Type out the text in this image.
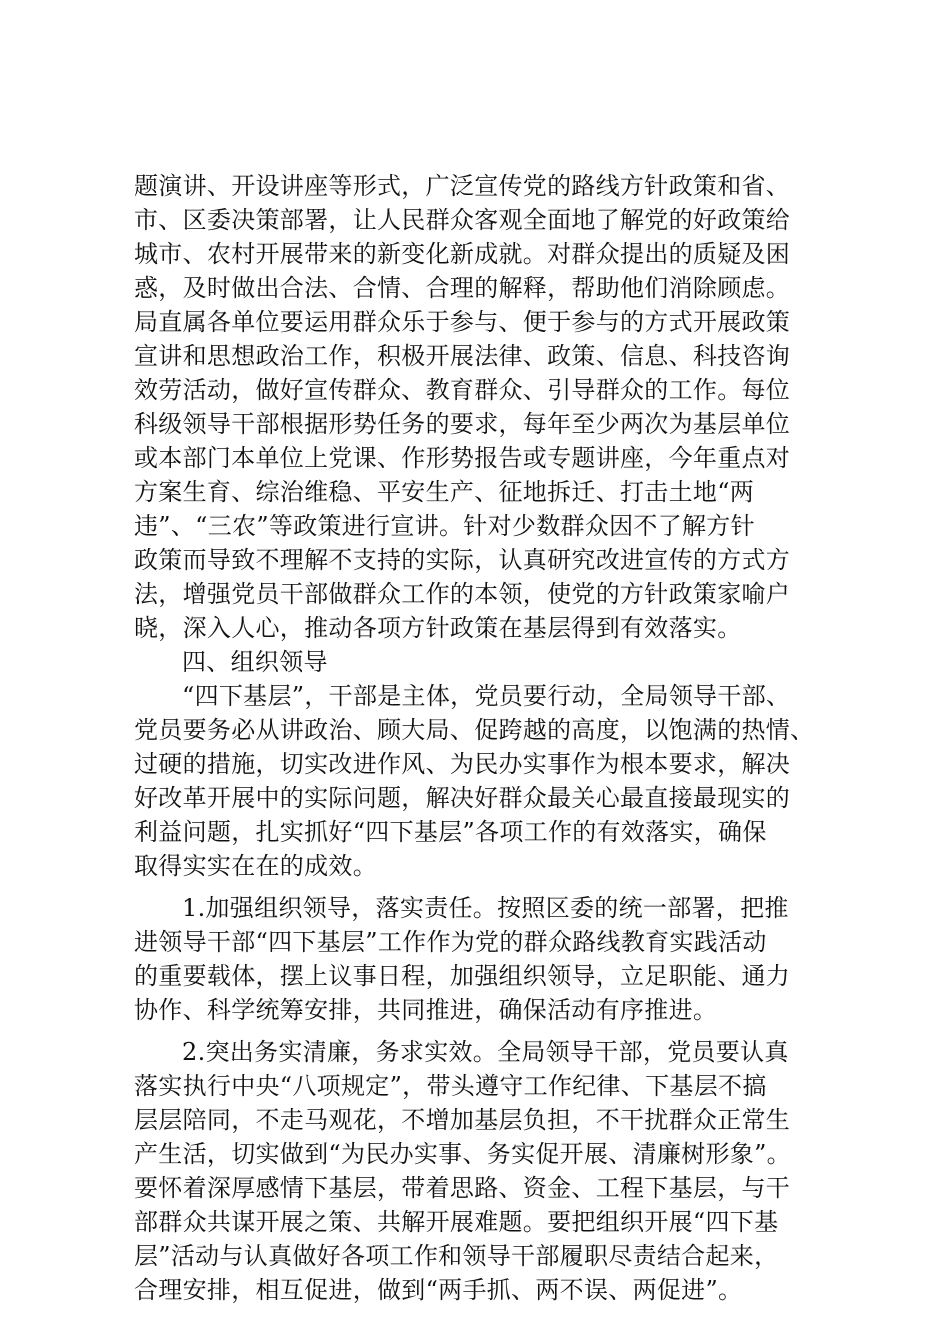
题演讲、开设讲座等形式，广泛宣传党的路线方针政策和省、
市、区委决策部署，让人民群众客观全面地了解党的好政策给
城市、农村开展带来的新变化新成就。对群众提出的质疑及困
惑，及时做出合法、合情、合理的解释，帮助他们消除顾虑。
局直属各单位要运用群众乐于参与、便于参与的方式开展政策
宣讲和思想政治工作，积极开展法律、政策、信息、科技咨询
效劳活动，做好宣传群众、教育群众、引导群众的工作。每位
科级领导干部根据形势任务的要求，每年至少两次为基层单位
或本部门本单位上党课、作形势报告或专题讲座，今年重点对
方案生育、综治维稳、平安生产、征地拆迁、打击土地“两
违”、“三农”等政策进行宣讲。针对少数群众因不了解方针
政策而导致不理解不支持的实际，认真研究改进宣传的方式方
法，增强党员干部做群众工作的本领，使党的方针政策家喻户
晓，深入人心，推动各项方针政策在基层得到有效落实。
四、组织领导
“四下基层”，干部是主体，党员要行动，全局领导干部、
党员要务必从讲政治、顾大局、促跨越的高度，以饱满的热情、
过硬的措施，切实改进作风、为民办实事作为根本要求，解决
好改革开展中的实际问题，解决好群众最关心最直接最现实的
利益问题，扎实抓好“四下基层”各项工作的有效落实，确保
取得实实在在的成效。
1.加强组织领导，落实责任。按照区委的统一部署，把推
进领导干部“四下基层”工作作为党的群众路线教育实践活动
的重要载体，摆上议事日程，加强组织领导，立足职能、通力
协作、科学统筹安排，共同推进，确保活动有序推进。
2.突出务实清廉，务求实效。全局领导干部，党员要认真
落实执行中央“八项规定”，带头遵守工作纪律、下基层不搞
层层陪同，不走马观花，不增加基层负担，不干扰群众正常生
产生活，切实做到“为民办实事、务实促开展、清廉树形象”。
要怀着深厚感情下基层，带着思路、资金、工程下基层，与干
部群众共谋开展之策、共解开展难题。要把组织开展“四下基
层”活动与认真做好各项工作和领导干部履职尽责结合起来，
合理安排，相互促进，做到“两手抓、两不误、两促进”。
